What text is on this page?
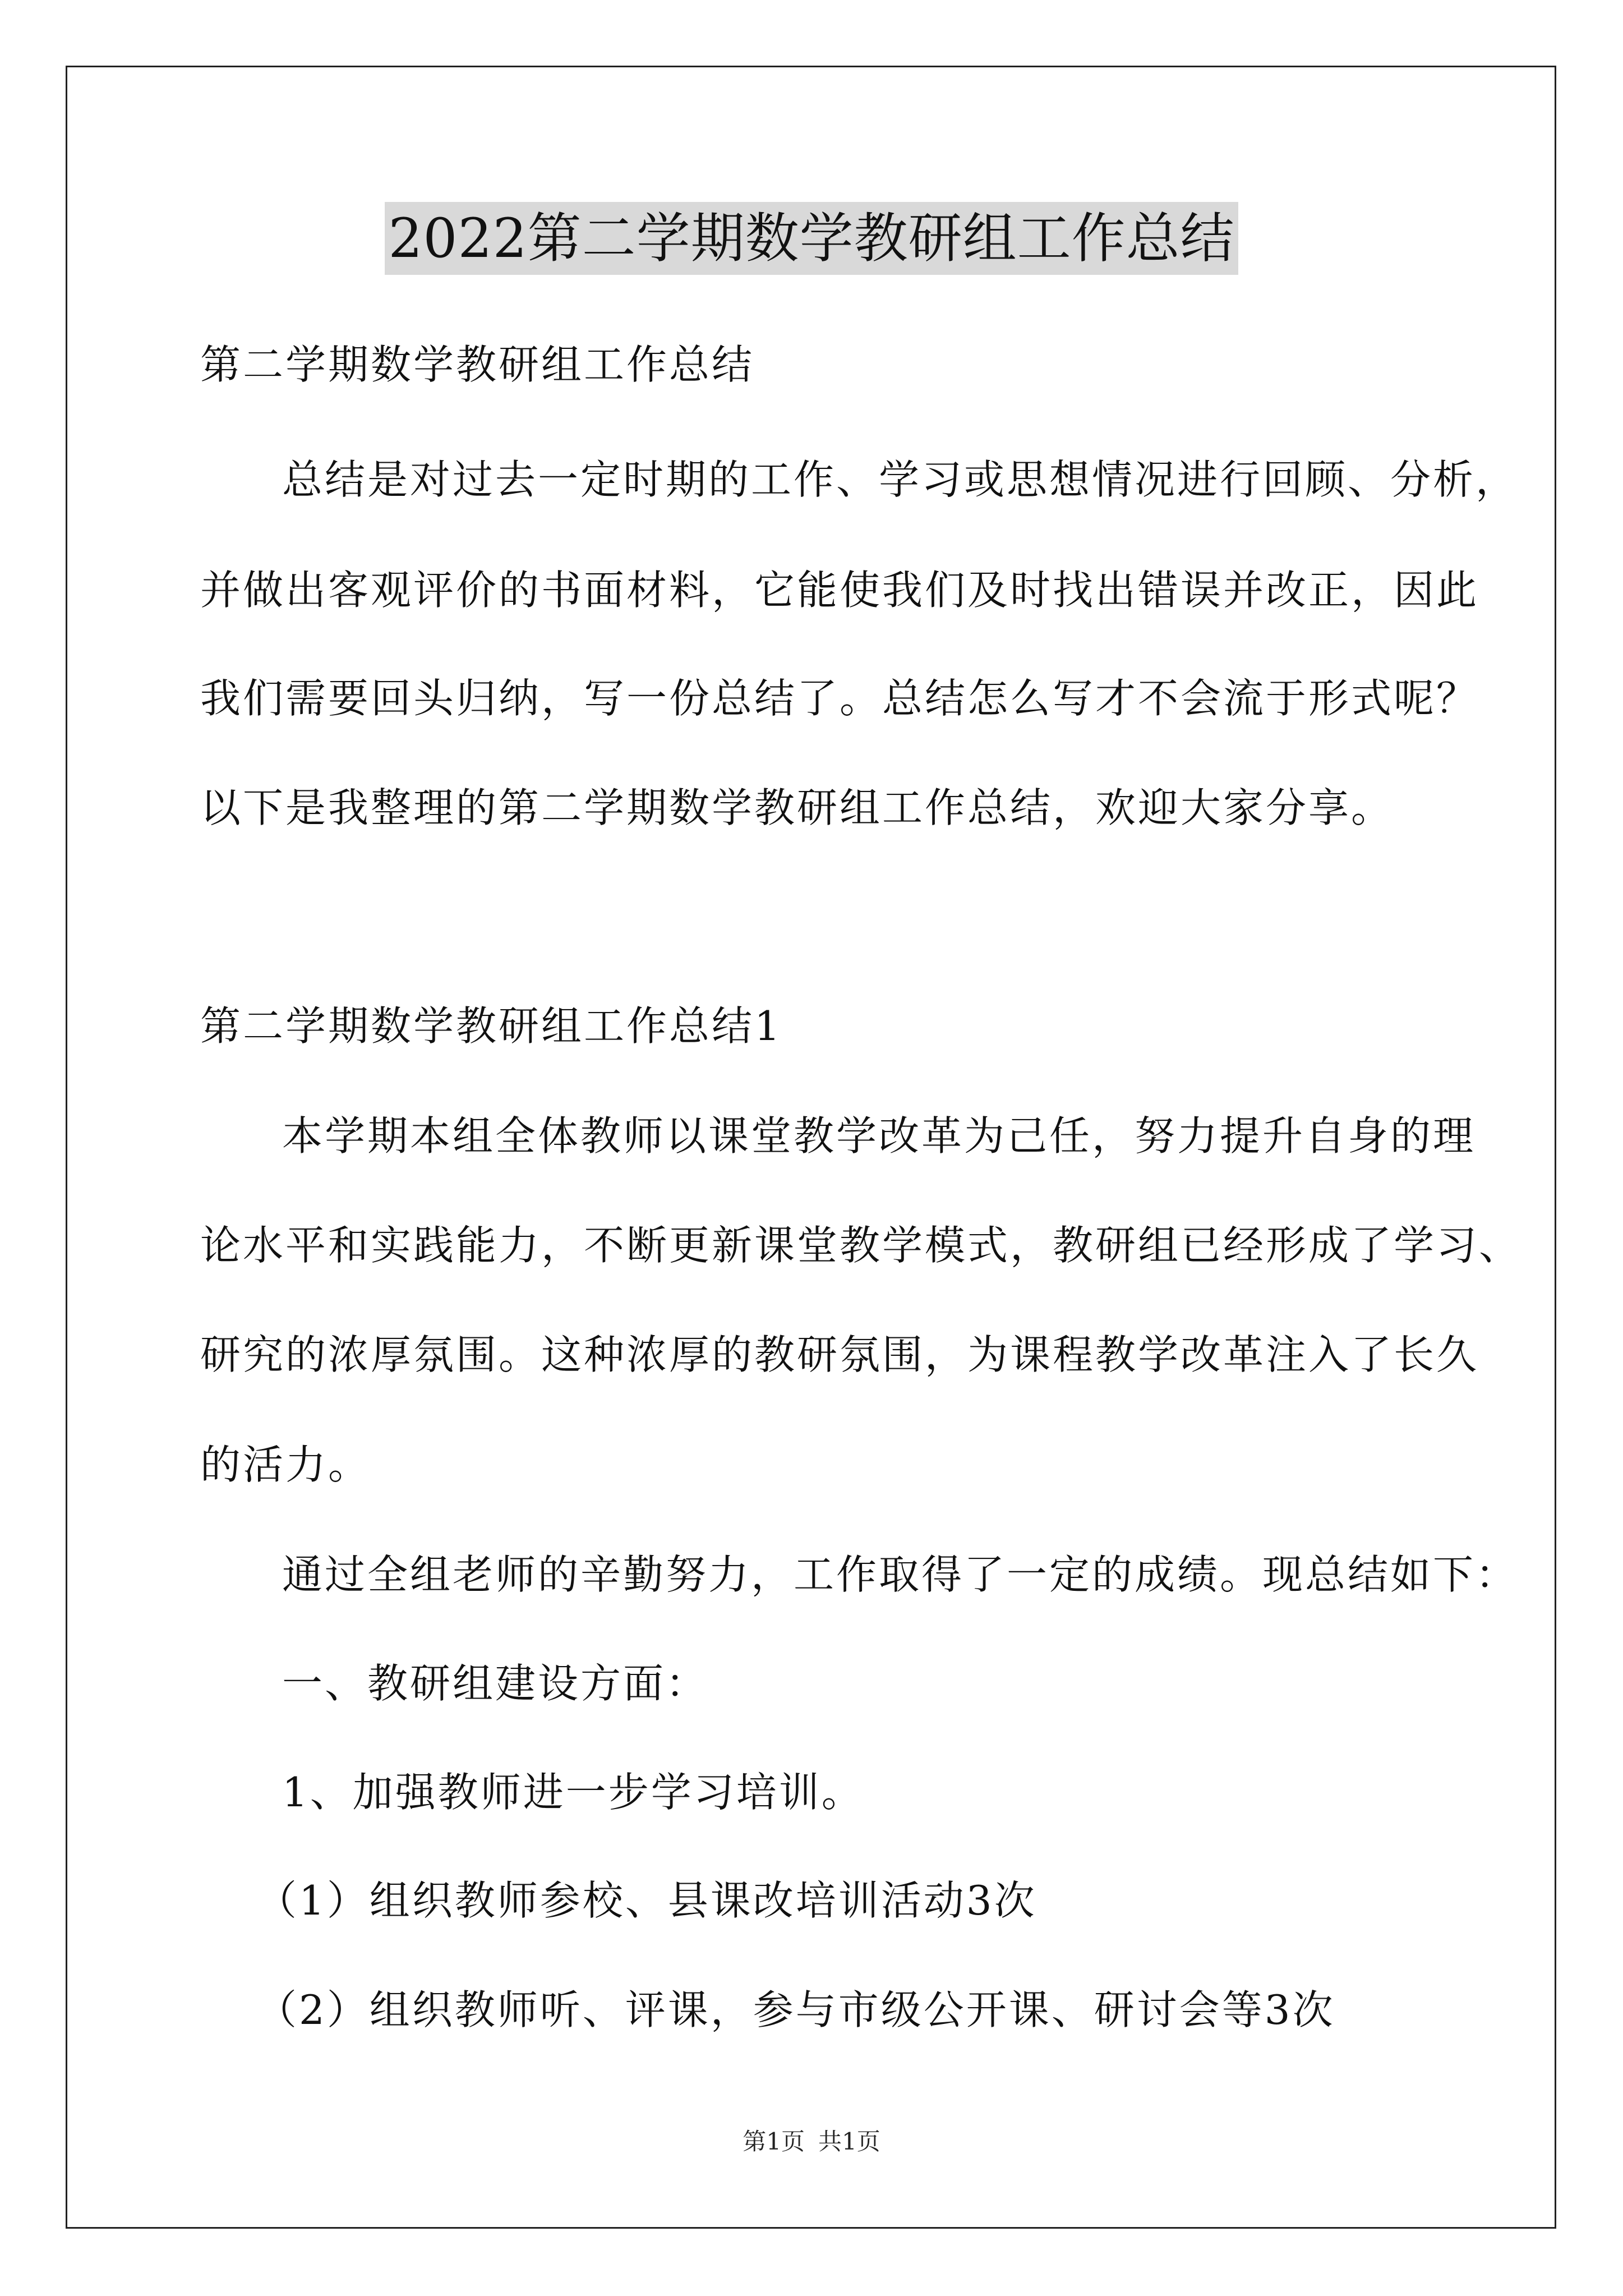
2022第二学期数学教研组工作总结
第二学期数学教研组工作总结
总结是对过去一定时期的工作、学习或思想情况进行回顾、分析，
并做出客观评价的书面材料，它能使我们及时找出错误并改正，因此
我们需要回头归纳，写一份总结了。总结怎么写才不会流于形式呢？
以下是我整理的第二学期数学教研组工作总结，欢迎大家分享。
第二学期数学教研组工作总结1
本学期本组全体教师以课堂教学改革为己任，努力提升自身的理
论水平和实践能力，不断更新课堂教学模式，教研组已经形成了学习、
研究的浓厚氛围。这种浓厚的教研氛围，为课程教学改革注入了长久
的活力。
通过全组老师的辛勤努力，工作取得了一定的成绩。现总结如下：
一、教研组建设方面：
1、加强教师进一步学习培训。
（1）组织教师参校、县课改培训活动3次
（2）组织教师听、评课，参与市级公开课、研讨会等3次
第1页 共1页
